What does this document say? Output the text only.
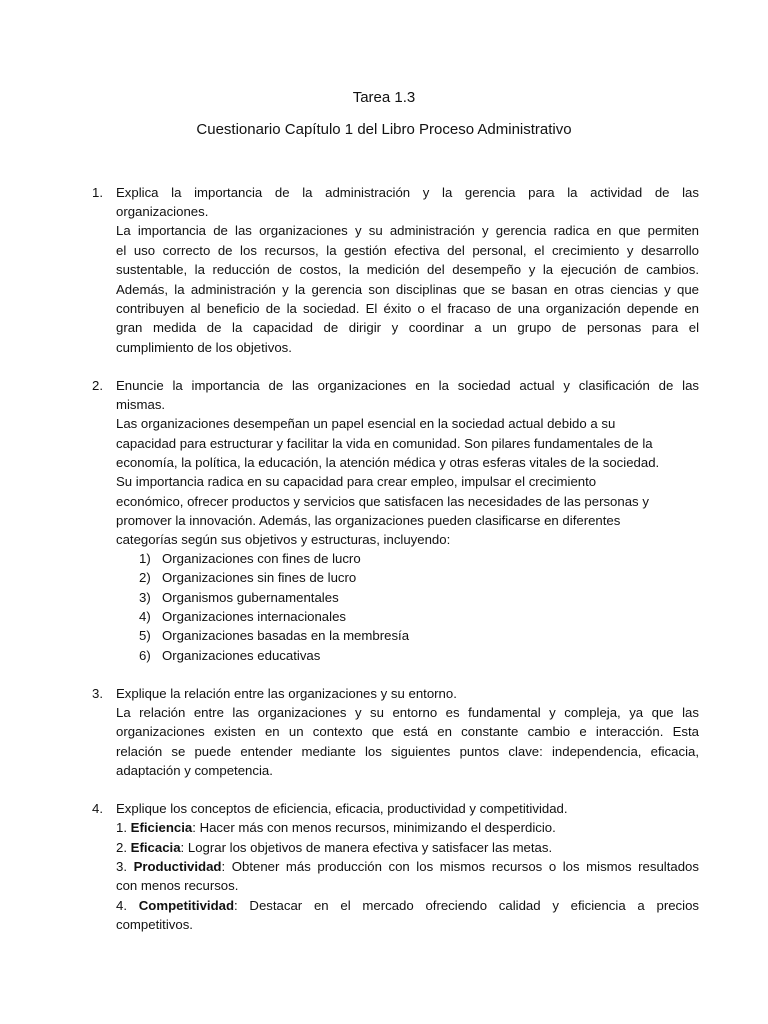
Tarea 1.3
Cuestionario Capítulo 1 del Libro Proceso Administrativo
1. Explica la importancia de la administración y la gerencia para la actividad de las
organizaciones.
La importancia de las organizaciones y su administración y gerencia radica en que permiten
el uso correcto de los recursos, la gestión efectiva del personal, el crecimiento y desarrollo
sustentable, la reducción de costos, la medición del desempeño y la ejecución de cambios.
Además, la administración y la gerencia son disciplinas que se basan en otras ciencias y que
contribuyen al beneficio de la sociedad. El éxito o el fracaso de una organización depende en
gran medida de la capacidad de dirigir y coordinar a un grupo de personas para el
cumplimiento de los objetivos.
2. Enuncie la importancia de las organizaciones en la sociedad actual y clasificación de las
mismas.
Las organizaciones desempeñan un papel esencial en la sociedad actual debido a su
capacidad para estructurar y facilitar la vida en comunidad. Son pilares fundamentales de la
economía, la política, la educación, la atención médica y otras esferas vitales de la sociedad.
Su importancia radica en su capacidad para crear empleo, impulsar el crecimiento
económico, ofrecer productos y servicios que satisfacen las necesidades de las personas y
promover la innovación. Además, las organizaciones pueden clasificarse en diferentes
categorías según sus objetivos y estructuras, incluyendo:
1) Organizaciones con fines de lucro
2) Organizaciones sin fines de lucro
3) Organismos gubernamentales
4) Organizaciones internacionales
5) Organizaciones basadas en la membresía
6) Organizaciones educativas
3. Explique la relación entre las organizaciones y su entorno.
La relación entre las organizaciones y su entorno es fundamental y compleja, ya que las
organizaciones existen en un contexto que está en constante cambio e interacción. Esta
relación se puede entender mediante los siguientes puntos clave: independencia, eficacia,
adaptación y competencia.
4. Explique los conceptos de eficiencia, eficacia, productividad y competitividad.
1. Eficiencia: Hacer más con menos recursos, minimizando el desperdicio.
2. Eficacia: Lograr los objetivos de manera efectiva y satisfacer las metas.
3. Productividad: Obtener más producción con los mismos recursos o los mismos resultados
con menos recursos.
4. Competitividad: Destacar en el mercado ofreciendo calidad y eficiencia a precios
competitivos.
